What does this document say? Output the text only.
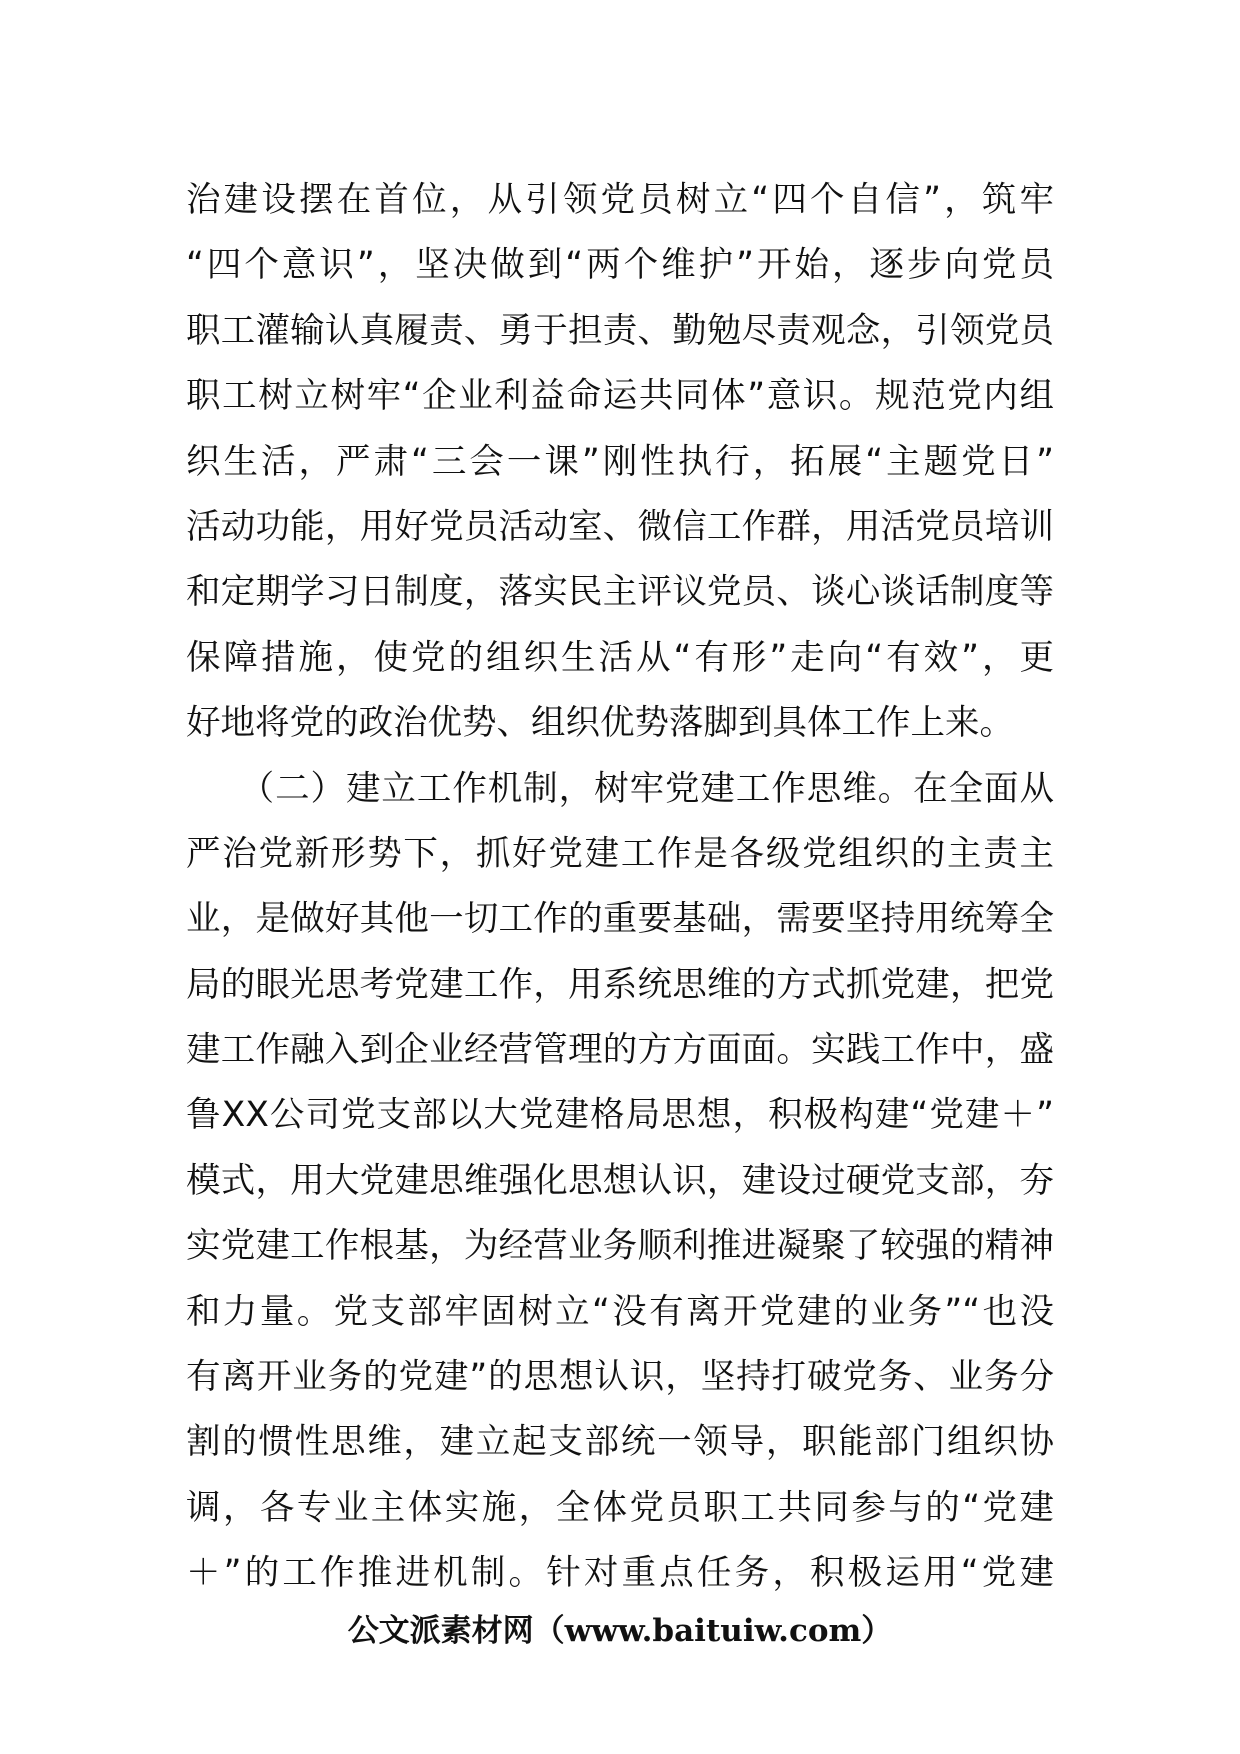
治建设摆在首位，从引领党员树立“四个自信”，筑牢
“四个意识”，坚决做到“两个维护”开始，逐步向党员
职工灌输认真履责、勇于担责、勤勉尽责观念，引领党员
职工树立树牢“企业利益命运共同体”意识。规范党内组
织生活，严肃“三会一课”刚性执行，拓展“主题党日”
活动功能，用好党员活动室、微信工作群，用活党员培训
和定期学习日制度，落实民主评议党员、谈心谈话制度等
保障措施，使党的组织生活从“有形”走向“有效”，更
好地将党的政治优势、组织优势落脚到具体工作上来。
　　（二）建立工作机制，树牢党建工作思维。在全面从
严治党新形势下，抓好党建工作是各级党组织的主责主
业，是做好其他一切工作的重要基础，需要坚持用统筹全
局的眼光思考党建工作，用系统思维的方式抓党建，把党
建工作融入到企业经营管理的方方面面。实践工作中，盛
鲁XX公司党支部以大党建格局思想，积极构建“党建＋”
模式，用大党建思维强化思想认识，建设过硬党支部，夯
实党建工作根基，为经营业务顺利推进凝聚了较强的精神
和力量。党支部牢固树立“没有离开党建的业务”“也没
有离开业务的党建”的思想认识，坚持打破党务、业务分
割的惯性思维，建立起支部统一领导，职能部门组织协
调，各专业主体实施，全体党员职工共同参与的“党建
＋”的工作推进机制。针对重点任务，积极运用“党建
公文派素材网（www.baituiw.com）
